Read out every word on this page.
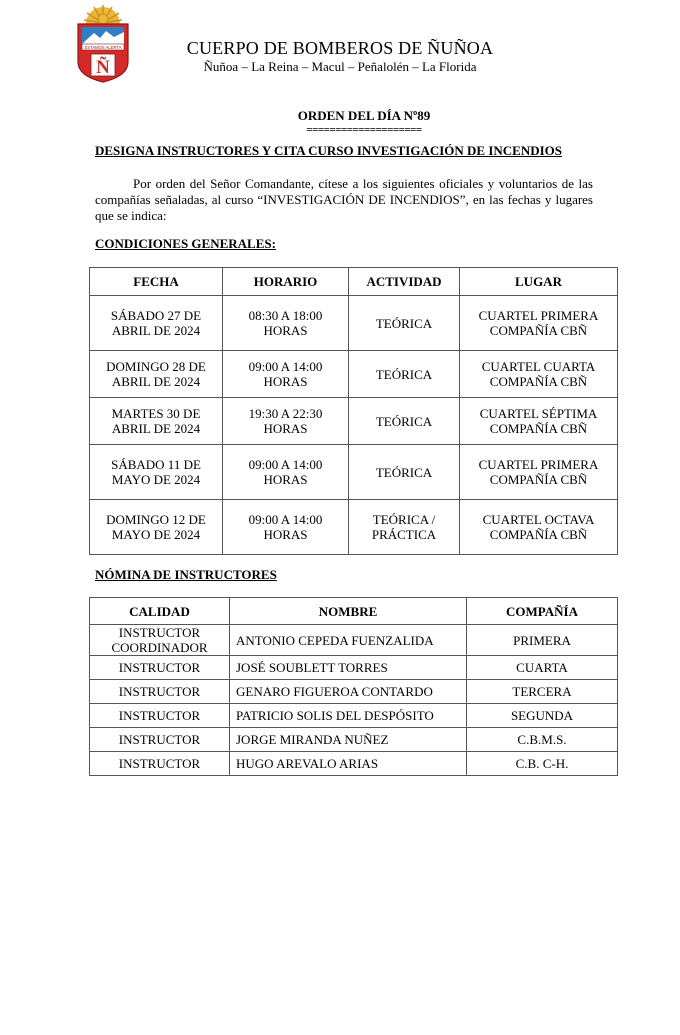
ESTAMOS ALERTA
Ñ
CUERPO DE BOMBEROS DE ÑUÑOA
Ñuñoa – La Reina – Macul – Peñalolén – La Florida
ORDEN DEL DÍA Nº89
====================
DESIGNA INSTRUCTORES Y CITA CURSO INVESTIGACIÓN DE INCENDIOS

Por orden del Señor Comandante, cítese a los siguientes oficiales y voluntarios de las compañías señaladas, al curso “INVESTIGACIÓN DE INCENDIOS”, en las fechas y lugares que se indica:

CONDICIONES GENERALES:
FECHA	HORARIO	ACTIVIDAD	LUGAR
SÁBADO 27 DE ABRIL DE 2024	08:30 A 18:00 HORAS	TEÓRICA	CUARTEL PRIMERA COMPAÑÍA CBÑ
DOMINGO 28 DE ABRIL DE 2024	09:00 A 14:00 HORAS	TEÓRICA	CUARTEL CUARTA COMPAÑÍA CBÑ
MARTES 30 DE ABRIL DE 2024	19:30 A 22:30 HORAS	TEÓRICA	CUARTEL SÉPTIMA COMPAÑÍA CBÑ
SÁBADO 11 DE MAYO DE 2024	09:00 A 14:00 HORAS	TEÓRICA	CUARTEL PRIMERA COMPAÑÍA CBÑ
DOMINGO 12 DE MAYO DE 2024	09:00 A 14:00 HORAS	TEÓRICA / PRÁCTICA	CUARTEL OCTAVA COMPAÑÍA CBÑ
NÓMINA DE INSTRUCTORES
CALIDAD	NOMBRE	COMPAÑÍA
INSTRUCTOR COORDINADOR	ANTONIO CEPEDA FUENZALIDA	PRIMERA
INSTRUCTOR	JOSÉ SOUBLETT TORRES	CUARTA
INSTRUCTOR	GENARO FIGUEROA CONTARDO	TERCERA
INSTRUCTOR	PATRICIO SOLIS DEL DESPÓSITO	SEGUNDA
INSTRUCTOR	JORGE MIRANDA NUÑEZ	C.B.M.S.
INSTRUCTOR	HUGO AREVALO ARIAS	C.B. C-H.
